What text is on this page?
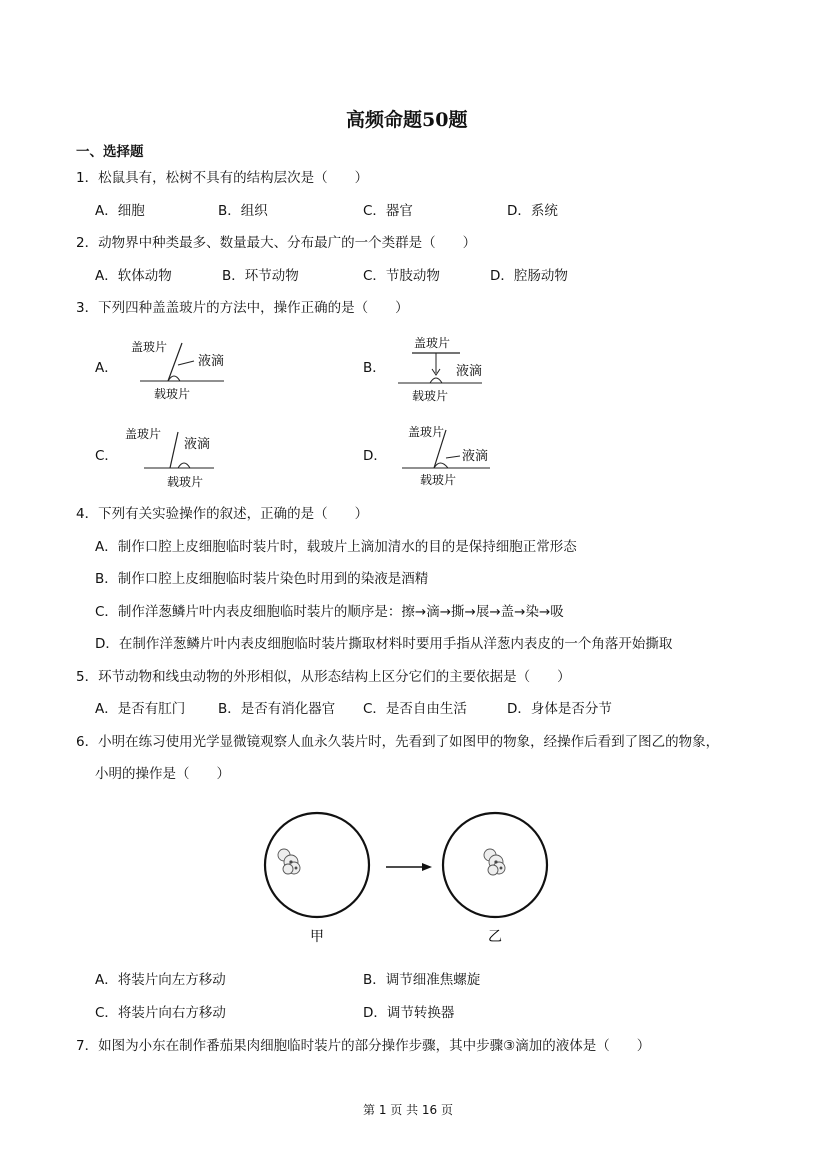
高频命题50题
一、选择题
1．松鼠具有，松树不具有的结构层次是（　　）
A．细胞	B．组织	C．器官	D．系统
2．动物界中种类最多、数量最大、分布最广的一个类群是（　　）
A．软体动物	B．环节动物	C．节肢动物	D．腔肠动物
3．下列四种盖盖玻片的方法中，操作正确的是（　　）
A．
盖玻片
液滴
载玻片
B．
盖玻片
液滴
载玻片
C．
盖玻片
液滴
载玻片
D．
盖玻片
液滴
载玻片
4．下列有关实验操作的叙述，正确的是（　　）
A．制作口腔上皮细胞临时装片时，载玻片上滴加清水的目的是保持细胞正常形态
B．制作口腔上皮细胞临时装片染色时用到的染液是酒精
C．制作洋葱鳞片叶内表皮细胞临时装片的顺序是：擦→滴→撕→展→盖→染→吸
D．在制作洋葱鳞片叶内表皮细胞临时装片撕取材料时要用手指从洋葱内表皮的一个角落开始撕取
5．环节动物和线虫动物的外形相似，从形态结构上区分它们的主要依据是（　　）
A．是否有肛门 B．是否有消化器官 C．是否自由生活	D．身体是否分节
6．小明在练习使用光学显微镜观察人血永久装片时，先看到了如图甲的物象，经操作后看到了图乙的物象，
小明的操作是（　　）
甲	乙
A．将装片向左方移动	B．调节细准焦螺旋
C．将装片向右方移动	D．调节转换器
7．如图为小东在制作番茄果肉细胞临时装片的部分操作步骤，其中步骤③滴加的液体是（　　）
第 1 页 共 16 页
